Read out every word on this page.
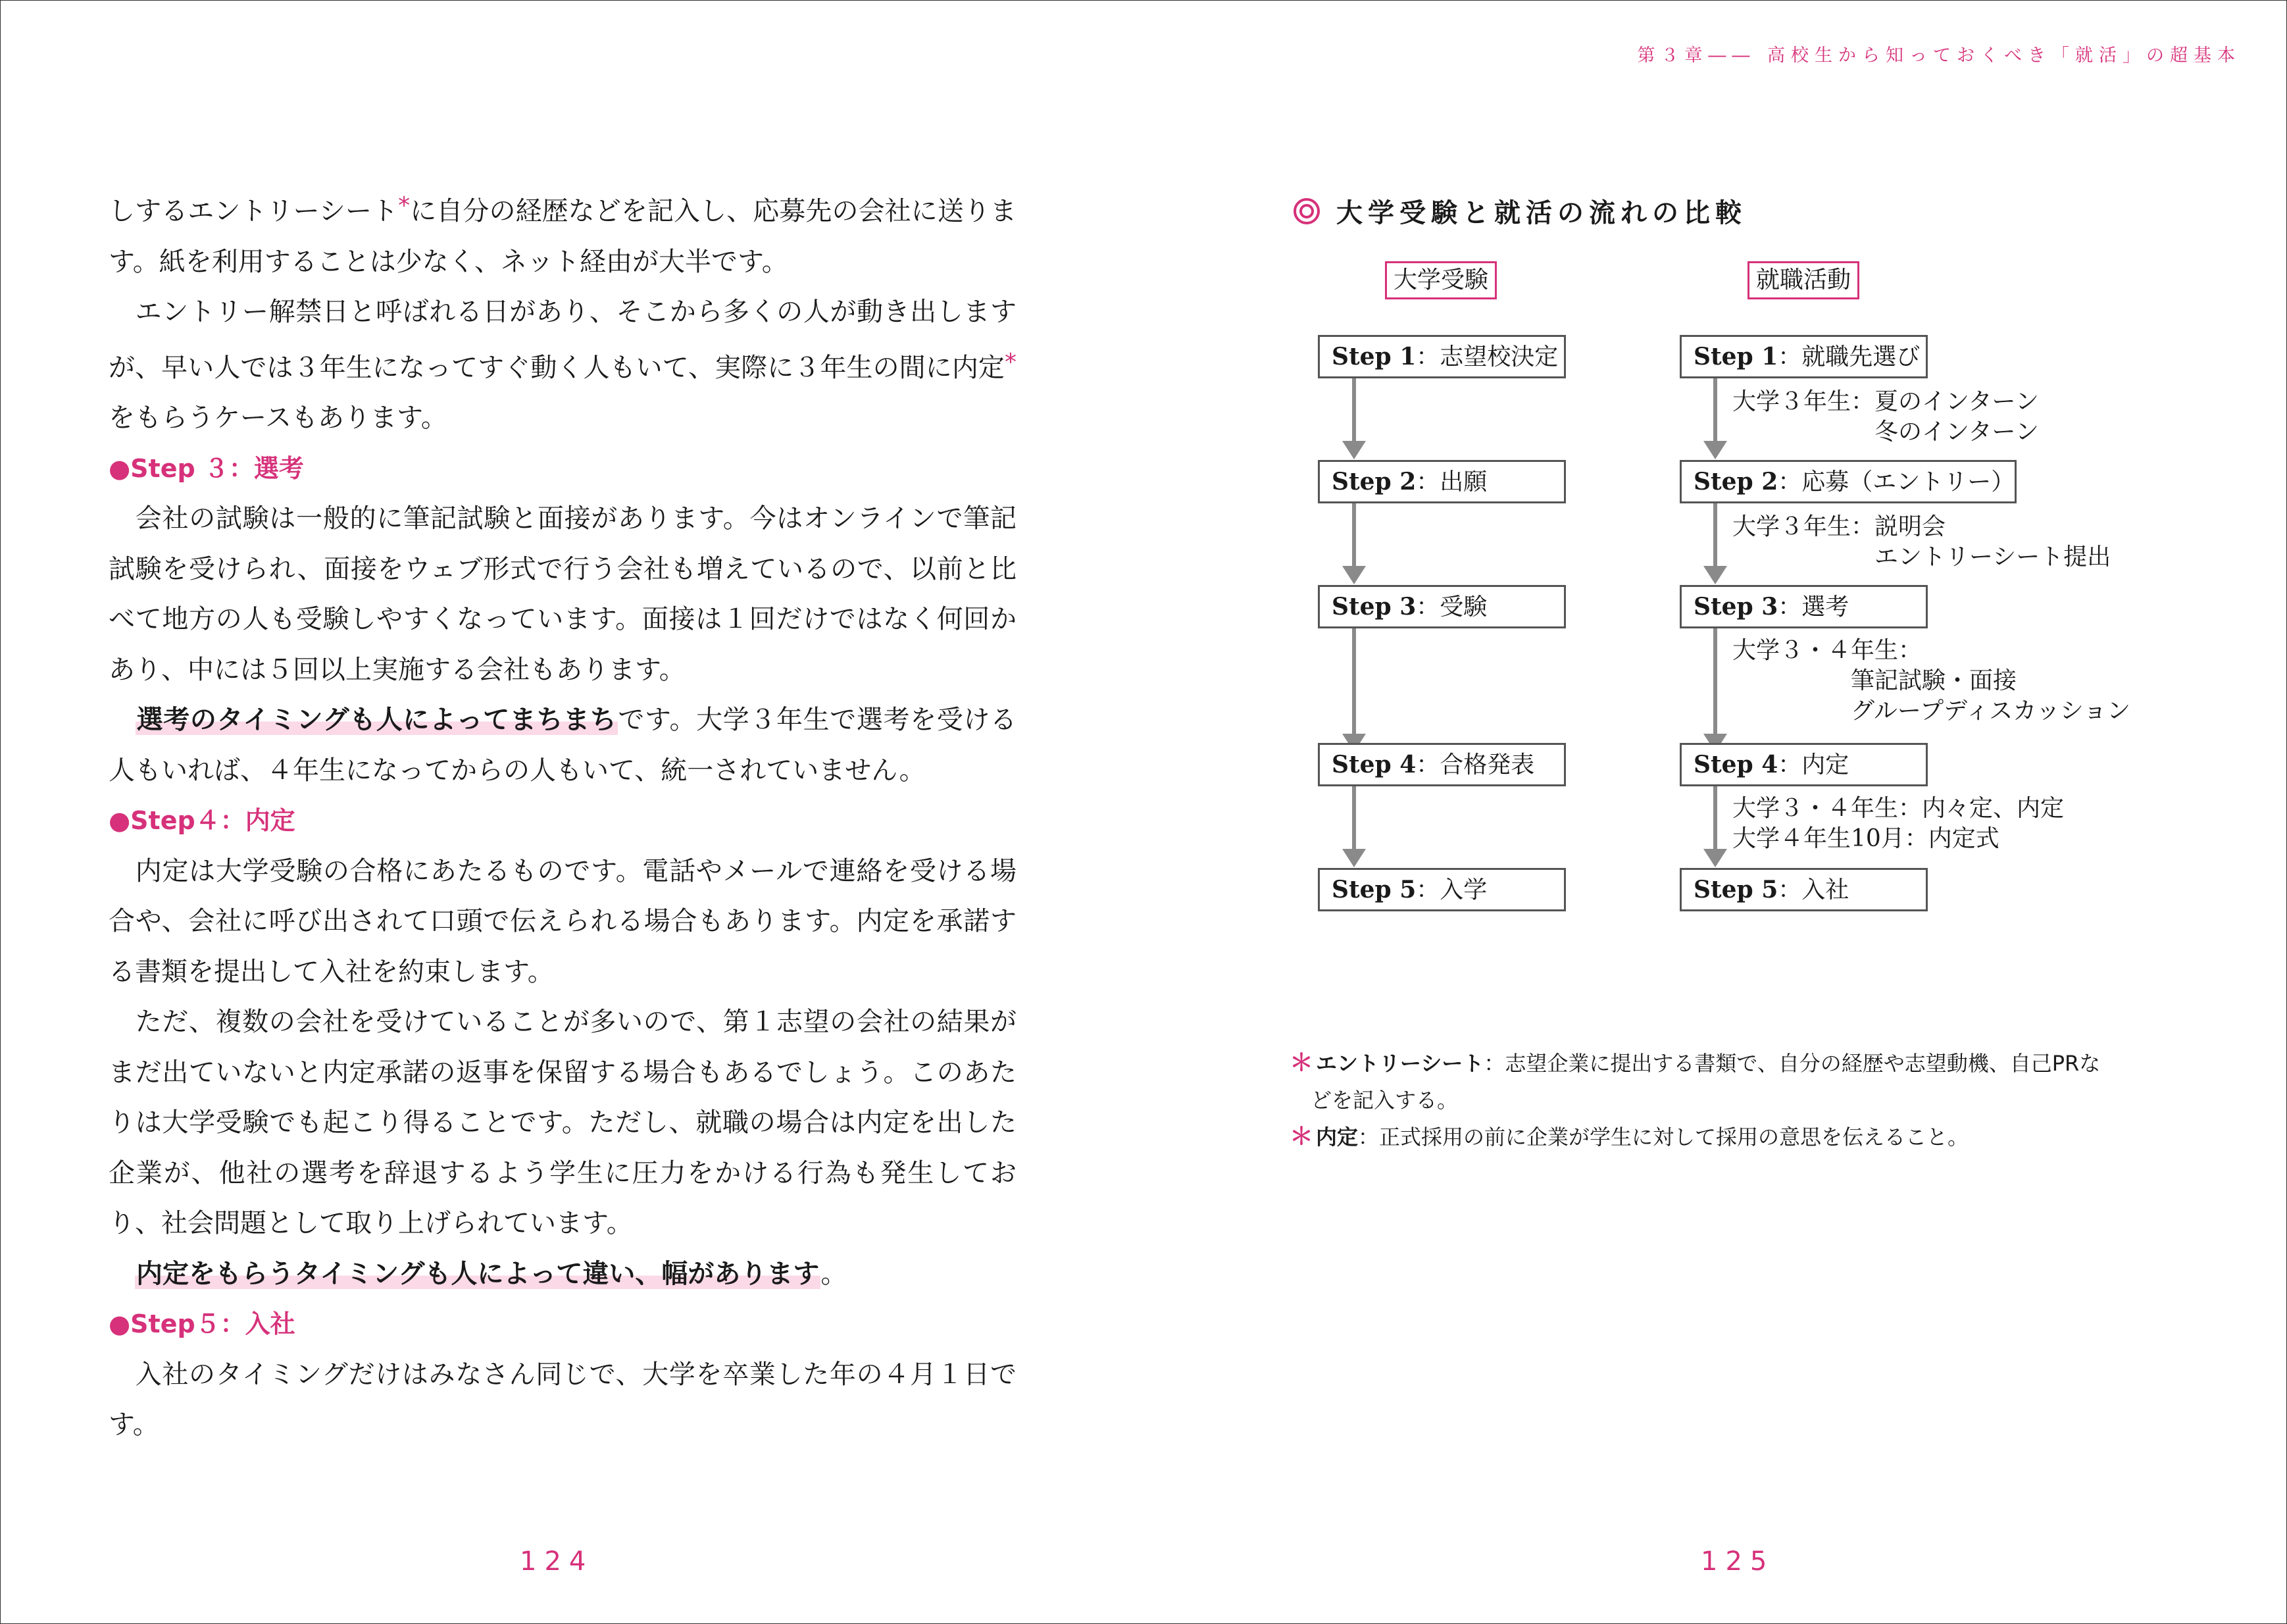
第３章―― 高校生から知っておくべき「就活」の超基本

しするエントリーシート*に自分の経歴などを記入し、応募先の会社に送ります。紙を利用することは少なく、ネット経由が大半です。

　エントリー解禁日と呼ばれる日があり、そこから多くの人が動き出しますが、早い人では３年生になってすぐ動く人もいて、実際に３年生の間に内定*をもらうケースもあります。

●Step ３：選考

　会社の試験は一般的に筆記試験と面接があります。今はオンラインで筆記試験を受けられ、面接をウェブ形式で行う会社も増えているので、以前と比べて地方の人も受験しやすくなっています。面接は１回だけではなく何回かあり、中には５回以上実施する会社もあります。

　選考のタイミングも人によってまちまちです。大学３年生で選考を受ける人もいれば、４年生になってからの人もいて、統一されていません。

●Step４：内定

　内定は大学受験の合格にあたるものです。電話やメールで連絡を受ける場合や、会社に呼び出されて口頭で伝えられる場合もあります。内定を承諾する書類を提出して入社を約束します。

　ただ、複数の会社を受けていることが多いので、第１志望の会社の結果がまだ出ていないと内定承諾の返事を保留する場合もあるでしょう。このあたりは大学受験でも起こり得ることです。ただし、就職の場合は内定を出した企業が、他社の選考を辞退するよう学生に圧力をかける行為も発生しており、社会問題として取り上げられています。

　内定をもらうタイミングも人によって違い、幅があります。

●Step５：入社

　入社のタイミングだけはみなさん同じで、大学を卒業した年の４月１日です。

124
大学受験と就活の流れの比較
大学受験	就職活動
Step 1：志望校決定
Step 2：出願
Step 3：受験
Step 4：合格発表
Step 5：入学
Step 1：就職先選び
Step 2：応募（エントリー）
Step 3：選考
Step 4：内定
Step 5：入社
大学３年生：夏のインターン
　　　　　　冬のインターン
大学３年生：説明会
　　　　　　エントリーシート提出
大学３・４年生：
　　　　　筆記試験・面接
　　　　　グループディスカッション
大学３・４年生：内々定、内定
大学４年生10月：内定式
＊ エントリーシート：志望企業に提出する書類で、自分の経歴や志望動機、自己PRな
どを記入する。
＊ 内定：正式採用の前に企業が学生に対して採用の意思を伝えること。
125
